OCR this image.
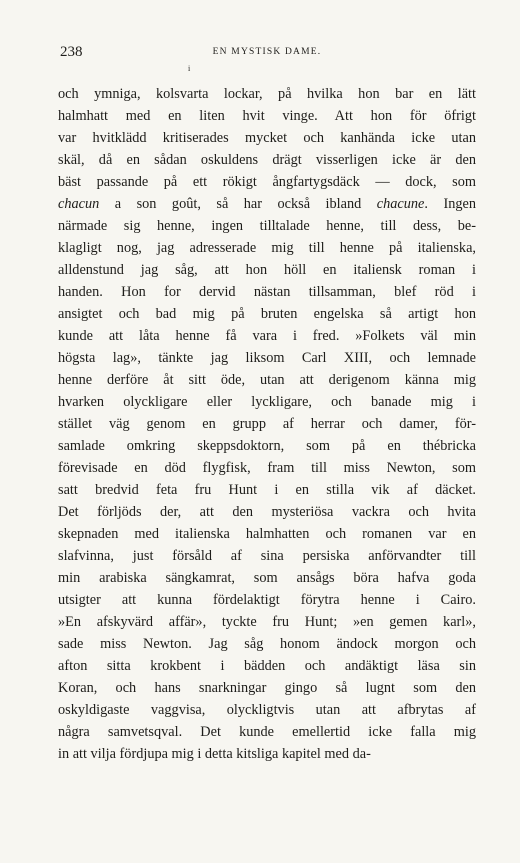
238	EN MYSTISK DAME.
i
och ymniga, kolsvarta lockar, på hvilka hon bar en lätt
halmhatt med en liten hvit vinge. Att hon för öfrigt
var hvitklädd kritiserades mycket och kanhända icke utan
skäl, då en sådan oskuldens drägt visserligen icke är den
bäst passande på ett rökigt ångfartygsdäck — dock, som
chacun a son goût, så har också ibland chacune. Ingen
närmade sig henne, ingen tilltalade henne, till dess, be-
klagligt nog, jag adresserade mig till henne på italienska,
alldenstund jag såg, att hon höll en italiensk roman i
handen. Hon for dervid nästan tillsamman, blef röd i
ansigtet och bad mig på bruten engelska så artigt hon
kunde att låta henne få vara i fred. »Folkets väl min
högsta lag», tänkte jag liksom Carl XIII, och lemnade
henne derföre åt sitt öde, utan att derigenom känna mig
hvarken olyckligare eller lyckligare, och banade mig i
stället väg genom en grupp af herrar och damer, för-
samlade omkring skeppsdoktorn, som på en thébricka
förevisade en död flygfisk, fram till miss Newton, som
satt bredvid feta fru Hunt i en stilla vik af däcket.
Det förljöds der, att den mysteriösa vackra och hvita
skepnaden med italienska halmhatten och romanen var en
slafvinna, just försåld af sina persiska anförvandter till
min arabiska sängkamrat, som ansågs böra hafva goda
utsigter att kunna fördelaktigt förytra henne i Cairo.
»En afskyvärd affär», tyckte fru Hunt; »en gemen karl»,
sade miss Newton. Jag såg honom ändock morgon och
afton sitta krokbent i bädden och andäktigt läsa sin
Koran, och hans snarkningar gingo så lugnt som den
oskyldigaste vaggvisa, olyckligtvis utan att afbrytas af
några samvetsqval. Det kunde emellertid icke falla mig
in att vilja fördjupa mig i detta kitsliga kapitel med da-
